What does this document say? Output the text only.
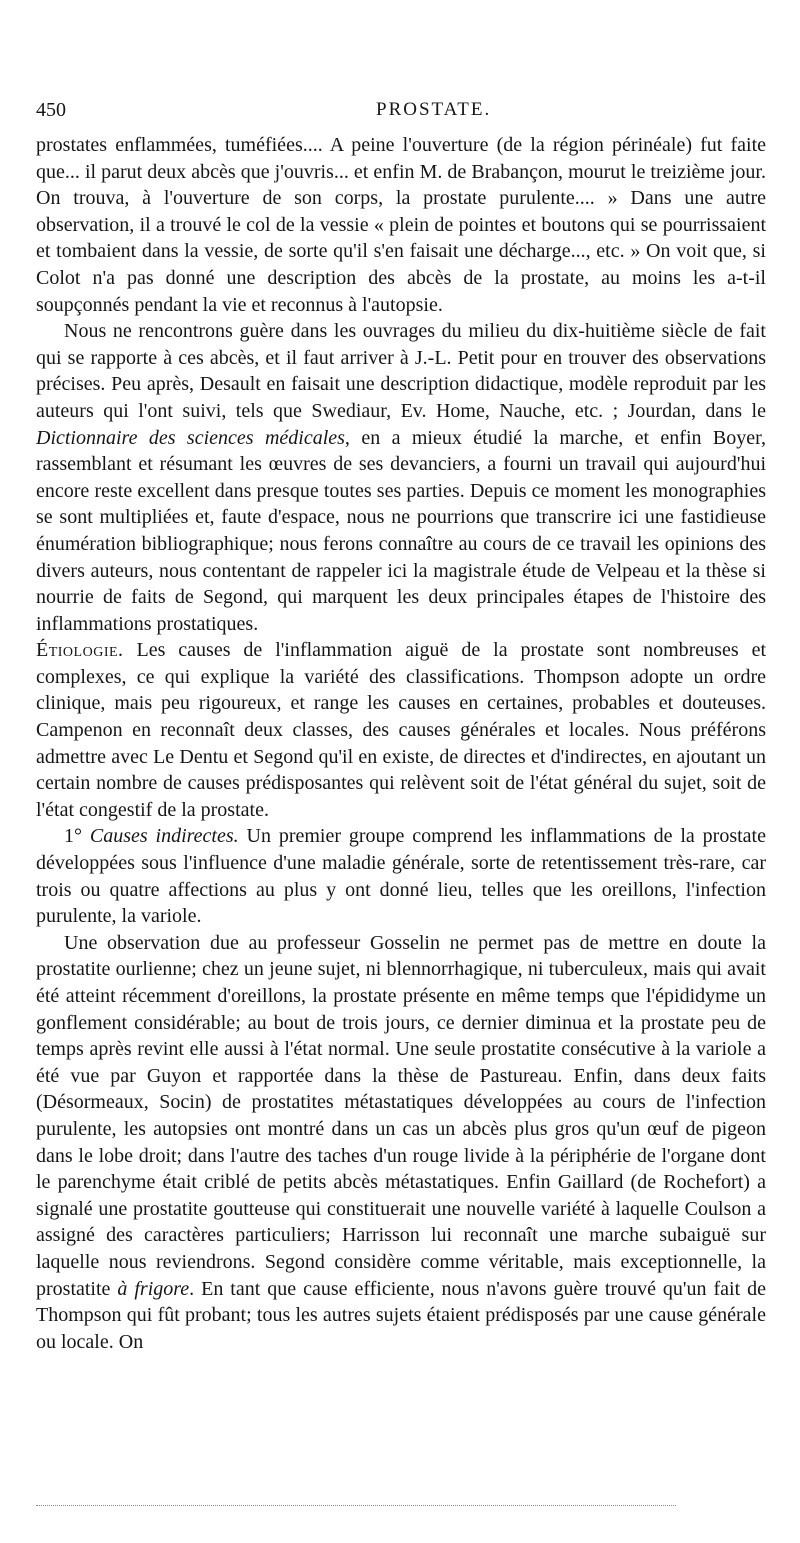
450	PROSTATE.

prostates enflammées, tuméfiées.... A peine l'ouverture (de la région périnéale) fut faite que... il parut deux abcès que j'ouvris... et enfin M. de Brabançon, mourut le treizième jour. On trouva, à l'ouverture de son corps, la prostate purulente.... » Dans une autre observation, il a trouvé le col de la vessie « plein de pointes et boutons qui se pourrissaient et tombaient dans la vessie, de sorte qu'il s'en faisait une décharge..., etc. » On voit que, si Colot n'a pas donné une description des abcès de la prostate, au moins les a-t-il soupçonnés pendant la vie et reconnus à l'autopsie.

Nous ne rencontrons guère dans les ouvrages du milieu du dix-huitième siècle de fait qui se rapporte à ces abcès, et il faut arriver à J.-L. Petit pour en trouver des observations précises. Peu après, Desault en faisait une description didactique, modèle reproduit par les auteurs qui l'ont suivi, tels que Swediaur, Ev. Home, Nauche, etc. ; Jourdan, dans le Dictionnaire des sciences médicales, en a mieux étudié la marche, et enfin Boyer, rassemblant et résumant les œuvres de ses devanciers, a fourni un travail qui aujourd'hui encore reste excellent dans presque toutes ses parties. Depuis ce moment les monographies se sont multipliées et, faute d'espace, nous ne pourrions que transcrire ici une fastidieuse énumération bibliographique; nous ferons connaître au cours de ce travail les opinions des divers auteurs, nous contentant de rappeler ici la magistrale étude de Velpeau et la thèse si nourrie de faits de Segond, qui marquent les deux principales étapes de l'histoire des inflammations prostatiques.

Étiologie. Les causes de l'inflammation aiguë de la prostate sont nombreuses et complexes, ce qui explique la variété des classifications. Thompson adopte un ordre clinique, mais peu rigoureux, et range les causes en certaines, probables et douteuses. Campenon en reconnaît deux classes, des causes générales et locales. Nous préférons admettre avec Le Dentu et Segond qu'il en existe, de directes et d'indirectes, en ajoutant un certain nombre de causes prédisposantes qui relèvent soit de l'état général du sujet, soit de l'état congestif de la prostate.

1° Causes indirectes. Un premier groupe comprend les inflammations de la prostate développées sous l'influence d'une maladie générale, sorte de retentissement très-rare, car trois ou quatre affections au plus y ont donné lieu, telles que les oreillons, l'infection purulente, la variole.

Une observation due au professeur Gosselin ne permet pas de mettre en doute la prostatite ourlienne; chez un jeune sujet, ni blennorrhagique, ni tuberculeux, mais qui avait été atteint récemment d'oreillons, la prostate présente en même temps que l'épididyme un gonflement considérable; au bout de trois jours, ce dernier diminua et la prostate peu de temps après revint elle aussi à l'état normal. Une seule prostatite consécutive à la variole a été vue par Guyon et rapportée dans la thèse de Pastureau. Enfin, dans deux faits (Désormeaux, Socin) de prostatites métastatiques développées au cours de l'infection purulente, les autopsies ont montré dans un cas un abcès plus gros qu'un œuf de pigeon dans le lobe droit; dans l'autre des taches d'un rouge livide à la périphérie de l'organe dont le parenchyme était criblé de petits abcès métastatiques. Enfin Gaillard (de Rochefort) a signalé une prostatite goutteuse qui constituerait une nouvelle variété à laquelle Coulson a assigné des caractères particuliers; Harrisson lui reconnaît une marche subaiguë sur laquelle nous reviendrons. Segond considère comme véritable, mais exceptionnelle, la prostatite à frigore. En tant que cause efficiente, nous n'avons guère trouvé qu'un fait de Thompson qui fût probant; tous les autres sujets étaient prédisposés par une cause générale ou locale. On
